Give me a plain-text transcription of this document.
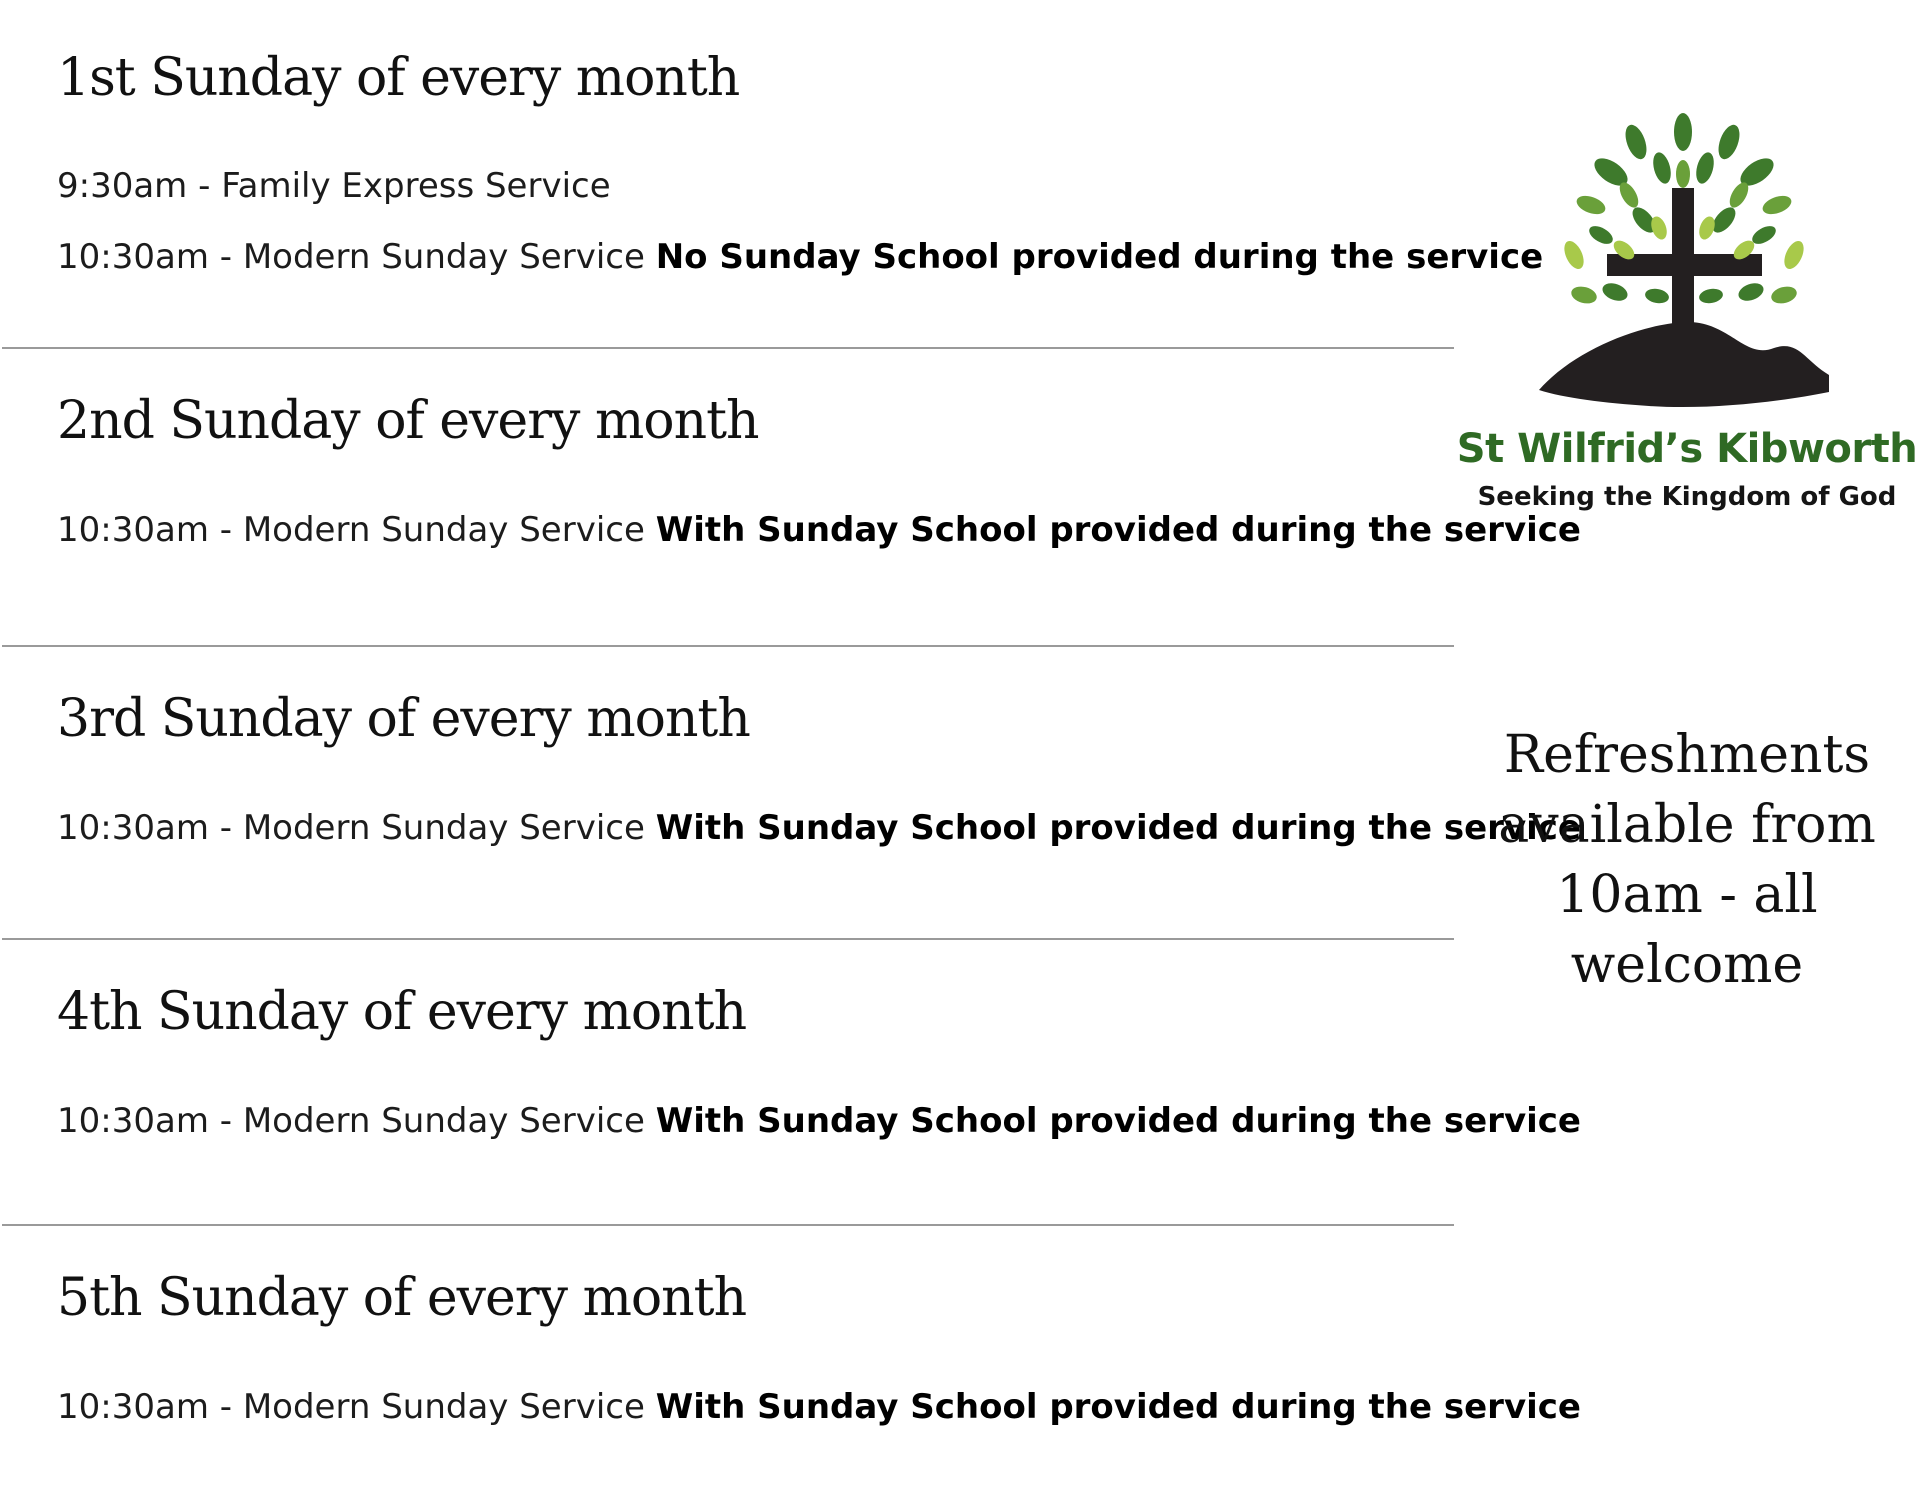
1st Sunday of every month

9:30am - Family Express Service

10:30am - Modern Sunday Service No Sunday School provided during the service

2nd Sunday of every month

10:30am - Modern Sunday Service With Sunday School provided during the service

3rd Sunday of every month

10:30am - Modern Sunday Service With Sunday School provided during the service

4th Sunday of every month

10:30am - Modern Sunday Service With Sunday School provided during the service

5th Sunday of every month

10:30am - Modern Sunday Service With Sunday School provided during the service

St Wilfrid’s Kibworth
Seeking the Kingdom of God
Refreshments available from 10am - all welcome
